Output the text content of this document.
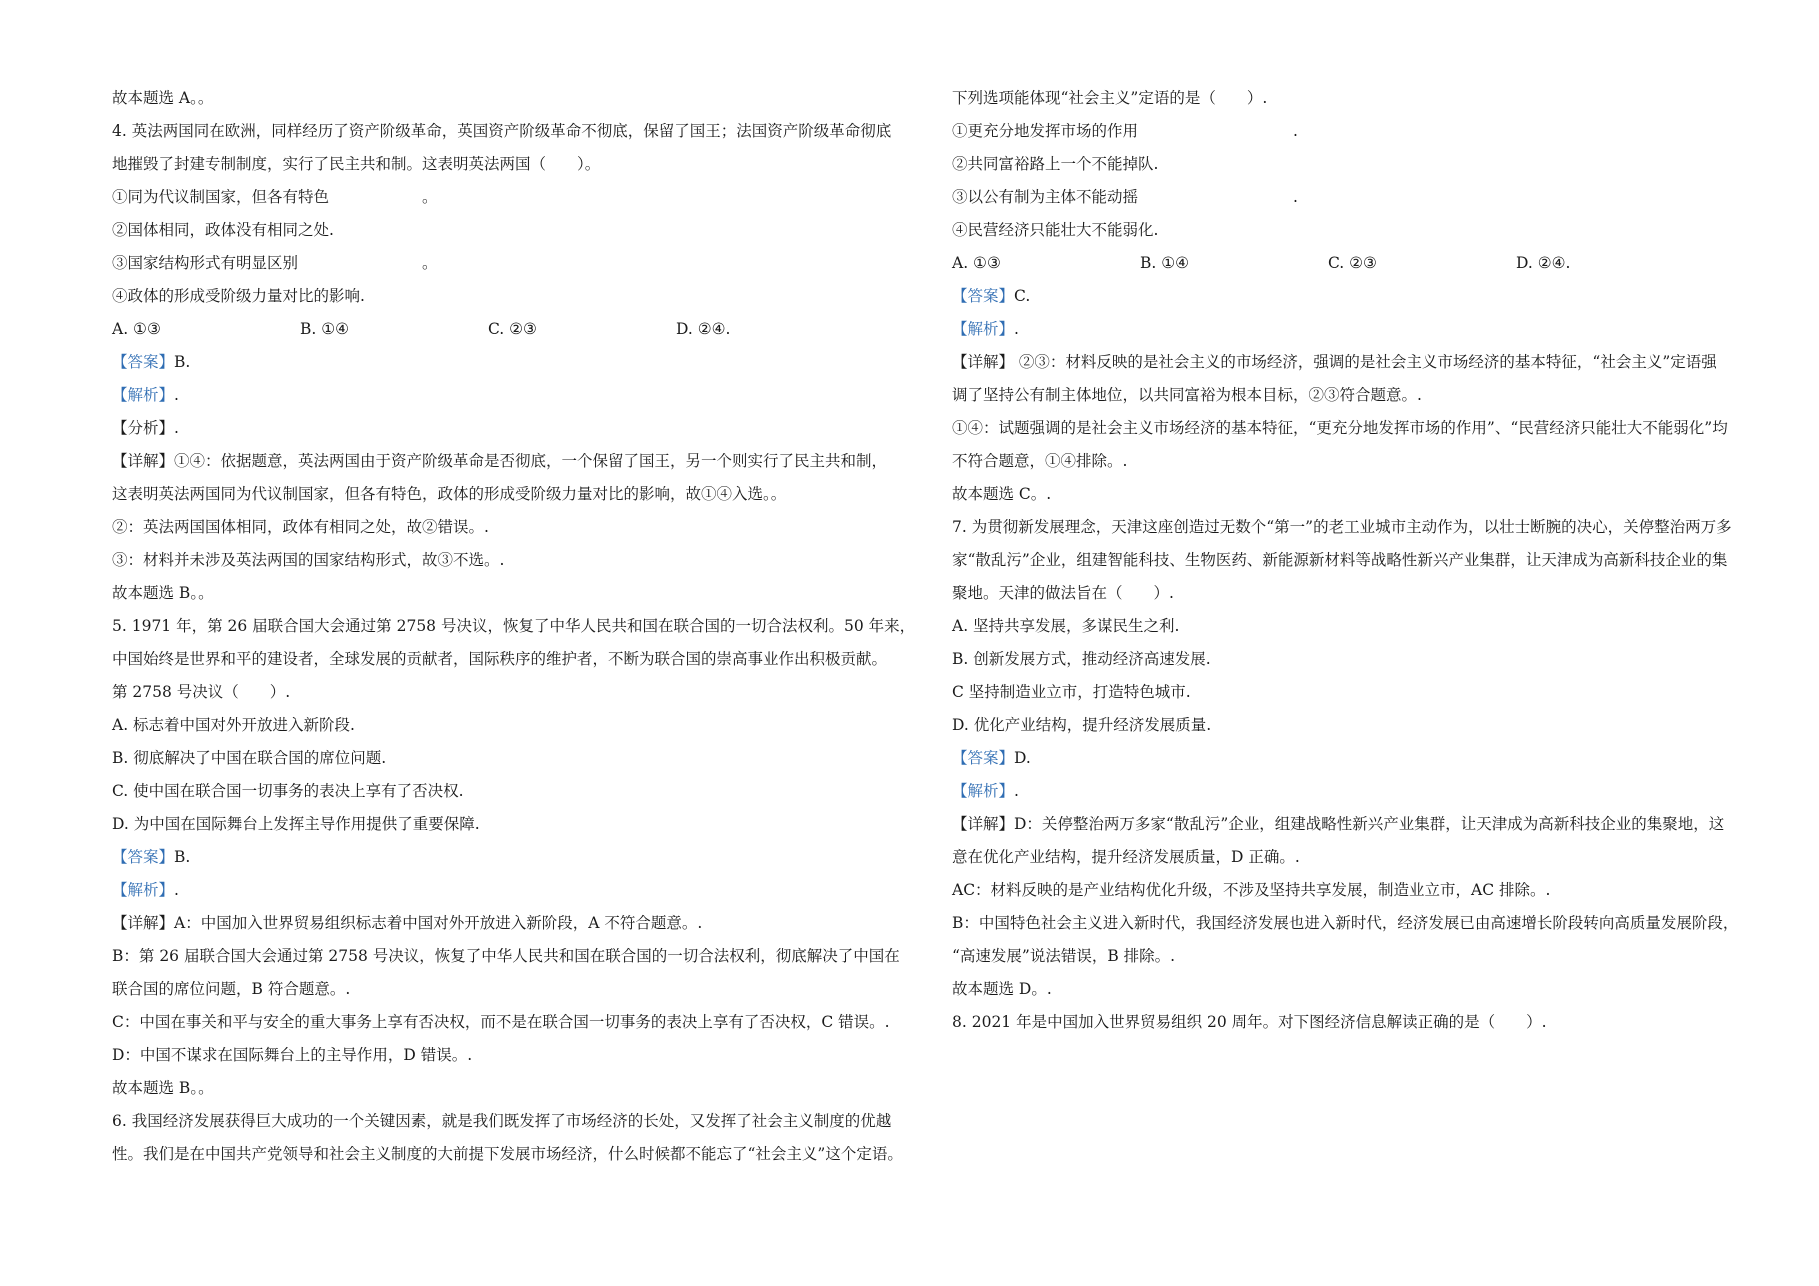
故本题选 A。。
4. 英法两国同在欧洲，同样经历了资产阶级革命，英国资产阶级革命不彻底，保留了国王；法国资产阶级革命彻底
地摧毁了封建专制制度，实行了民主共和制。这表明英法两国（　　）。
①同为代议制国家，但各有特色　　　　　　。
②国体相同，政体没有相同之处.
③国家结构形式有明显区别　　　　　　　　。
④政体的形成受阶级力量对比的影响.
A. ①③	B. ①④	C. ②③	D. ②④.
【答案】B.
【解析】.
【分析】.
【详解】①④：依据题意，英法两国由于资产阶级革命是否彻底，一个保留了国王，另一个则实行了民主共和制，
这表明英法两国同为代议制国家，但各有特色，政体的形成受阶级力量对比的影响，故①④入选。。
②：英法两国国体相同，政体有相同之处，故②错误。.
③：材料并未涉及英法两国的国家结构形式，故③不选。.
故本题选 B。。
5. 1971 年，第 26 届联合国大会通过第 2758 号决议，恢复了中华人民共和国在联合国的一切合法权利。50 年来，
中国始终是世界和平的建设者，全球发展的贡献者，国际秩序的维护者，不断为联合国的崇高事业作出积极贡献。
第 2758 号决议（　　）.
A. 标志着中国对外开放进入新阶段.
B. 彻底解决了中国在联合国的席位问题.
C. 使中国在联合国一切事务的表决上享有了否决权.
D. 为中国在国际舞台上发挥主导作用提供了重要保障.
【答案】B.
【解析】.
【详解】A：中国加入世界贸易组织标志着中国对外开放进入新阶段，A 不符合题意。.
B：第 26 届联合国大会通过第 2758 号决议，恢复了中华人民共和国在联合国的一切合法权利，彻底解决了中国在
联合国的席位问题，B 符合题意。.
C：中国在事关和平与安全的重大事务上享有否决权，而不是在联合国一切事务的表决上享有了否决权，C 错误。.
D：中国不谋求在国际舞台上的主导作用，D 错误。.
故本题选 B。。
6. 我国经济发展获得巨大成功的一个关键因素，就是我们既发挥了市场经济的长处，又发挥了社会主义制度的优越
性。我们是在中国共产党领导和社会主义制度的大前提下发展市场经济，什么时候都不能忘了“社会主义”这个定语。
下列选项能体现“社会主义”定语的是（　　）.
①更充分地发挥市场的作用　　　　　　　　　　.
②共同富裕路上一个不能掉队.
③以公有制为主体不能动摇　　　　　　　　　　.
④民营经济只能壮大不能弱化.
A. ①③	B. ①④	C. ②③	D. ②④.
【答案】C.
【解析】.
【详解】 ②③：材料反映的是社会主义的市场经济，强调的是社会主义市场经济的基本特征，“社会主义”定语强
调了坚持公有制主体地位，以共同富裕为根本目标，②③符合题意。.
①④：试题强调的是社会主义市场经济的基本特征，“更充分地发挥市场的作用”、“民营经济只能壮大不能弱化”均
不符合题意，①④排除。.
故本题选 C。.
7. 为贯彻新发展理念，天津这座创造过无数个“第一”的老工业城市主动作为，以壮士断腕的决心，关停整治两万多
家“散乱污”企业，组建智能科技、生物医药、新能源新材料等战略性新兴产业集群，让天津成为高新科技企业的集
聚地。天津的做法旨在（　　）.
A. 坚持共享发展，多谋民生之利.
B. 创新发展方式，推动经济高速发展.
C 坚持制造业立市，打造特色城市.
D. 优化产业结构，提升经济发展质量.
【答案】D.
【解析】.
【详解】D：关停整治两万多家“散乱污”企业，组建战略性新兴产业集群，让天津成为高新科技企业的集聚地，这
意在优化产业结构，提升经济发展质量，D 正确。.
AC：材料反映的是产业结构优化升级，不涉及坚持共享发展，制造业立市，AC 排除。.
B：中国特色社会主义进入新时代，我国经济发展也进入新时代，经济发展已由高速增长阶段转向高质量发展阶段，
“高速发展”说法错误，B 排除。.
故本题选 D。.
8. 2021 年是中国加入世界贸易组织 20 周年。对下图经济信息解读正确的是（　　）.
